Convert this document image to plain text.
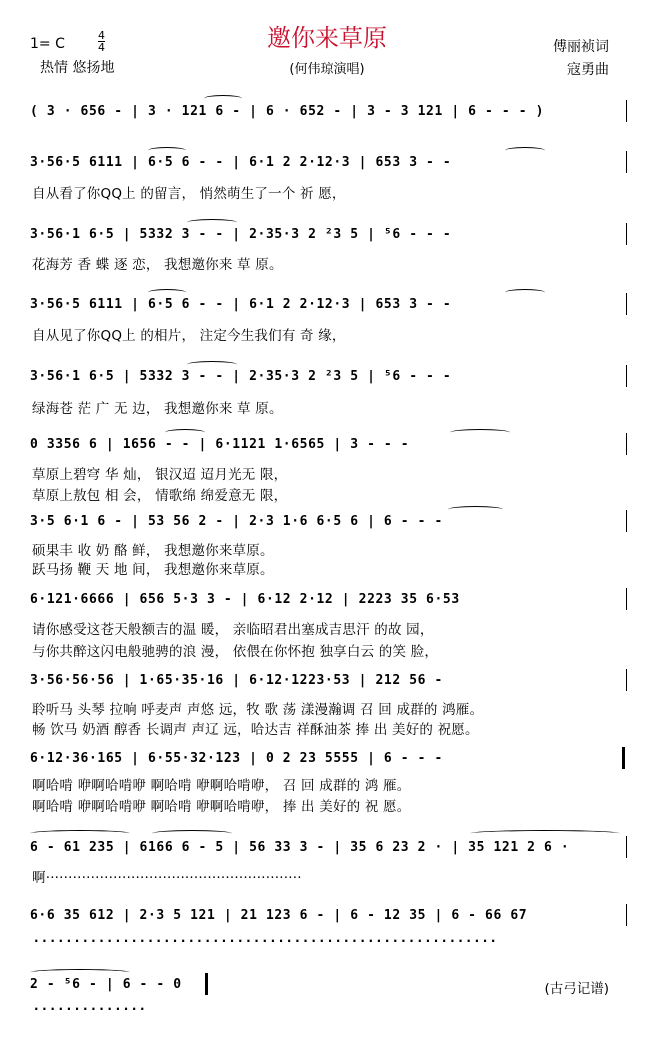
1= C
4
4	邀你来草原
(何伟琼演唱)
傅丽祯词
寇勇曲
热情 悠扬地
( 3 · 656 - | 3 · 121 6 - | 6 · 652 - | 3 - 3 121 | 6 - - - )
3·56·5 6111 | 6·5 6 - - | 6·1 2 2·12·3 | 653 3 - -
自从看了你QQ上 的留言， 悄然萌生了一个 祈 愿，
3·56·1 6·5 | 5332 3 - - | 2·35·3 2 ²3 5 | ⁵6 - - -
花海芳 香 蝶 逐 恋， 我想邀你来 草 原。
3·56·5 6111 | 6·5 6 - - | 6·1 2 2·12·3 | 653 3 - -
自从见了你QQ上 的相片， 注定今生我们有 奇 缘，
3·56·1 6·5 | 5332 3 - - | 2·35·3 2 ²3 5 | ⁵6 - - -
绿海苍 茫 广 无 边， 我想邀你来 草 原。
0 3356 6 | 1656 - - | 6·1121 1·6565 | 3 - - -
草原上碧穹 华 灿， 银汉迢 迢月光无 限，
草原上敖包 相 会， 情歌绵 绵爱意无 限，
3·5 6·1 6 - | 53 56 2 - | 2·3 1·6 6·5 6 | 6 - - -
硕果丰 收 奶 酪 鲜， 我想邀你来草原。
跃马扬 鞭 天 地 间， 我想邀你来草原。
6·121·6666 | 656 5·3 3 - | 6·12 2·12 | 2223 35 6·53
请你感受这苍天般额吉的温 暖， 亲临昭君出塞成吉思汗 的故 园，
与你共醉这闪电般驰骋的浪 漫， 依偎在你怀抱 独享白云 的笑 脸，
3·56·56·56 | 1·65·35·16 | 6·12·1223·53 | 212 56 -
聆听马 头琴 拉响 呼麦声 声悠 远，牧 歌 荡 漾漫瀚调 召 回 成群的 鸿雁。
畅 饮马 奶酒 醇香 长调声 声辽 远，哈达吉 祥酥油茶 捧 出 美好的 祝愿。
6·12·36·165 | 6·55·32·123 | 0 2 23 5555 | 6 - - -
啊哈啃 咿啊哈啃咿 啊哈啃 咿啊哈啃咿， 召 回 成群的 鸿 雁。
啊哈啃 咿啊哈啃咿 啊哈啃 咿啊哈啃咿， 捧 出 美好的 祝 愿。
6 - 61 235 | 6166 6 - 5 | 56 33 3 - | 35 6 23 2 · | 35 121 2 6 ·
啊·························································
6·6 35 612 | 2·3 5 121 | 21 123 6 - | 6 - 12 35 | 6 - 66 67
·························································
2 - ⁵6 - | 6 - - 0
··············
(古弓记谱)
